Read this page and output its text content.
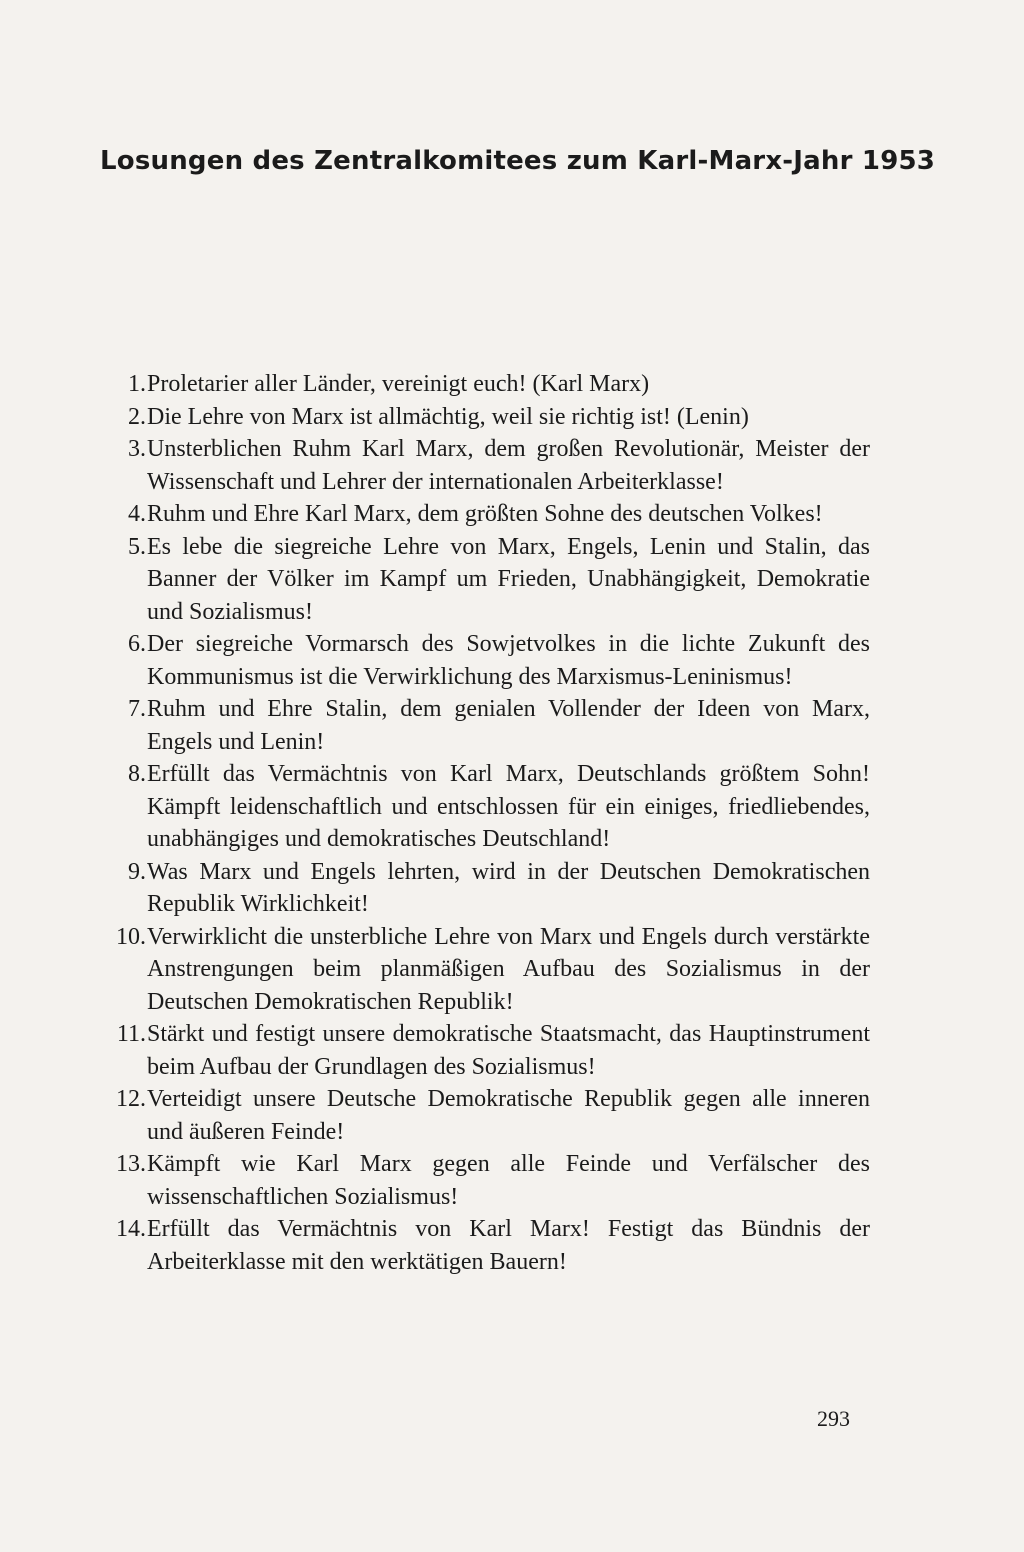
Losungen des Zentralkomitees zum Karl-Marx-Jahr 1953
1. Proletarier aller Länder, vereinigt euch! (Karl Marx)
2. Die Lehre von Marx ist allmächtig, weil sie richtig ist! (Lenin)
3. Unsterblichen Ruhm Karl Marx, dem großen Revolutionär, Meister der Wissenschaft und Lehrer der internationalen Arbeiterklasse!
4. Ruhm und Ehre Karl Marx, dem größten Sohne des deutschen Volkes!
5. Es lebe die siegreiche Lehre von Marx, Engels, Lenin und Stalin, das Banner der Völker im Kampf um Frieden, Unabhängigkeit, Demokratie und Sozialismus!
6. Der siegreiche Vormarsch des Sowjetvolkes in die lichte Zukunft des Kommunismus ist die Verwirklichung des Marxismus-Leninismus!
7. Ruhm und Ehre Stalin, dem genialen Vollender der Ideen von Marx, Engels und Lenin!
8. Erfüllt das Vermächtnis von Karl Marx, Deutschlands größtem Sohn! Kämpft leidenschaftlich und entschlossen für ein einiges, friedliebendes, unabhängiges und demokratisches Deutschland!
9. Was Marx und Engels lehrten, wird in der Deutschen Demokratischen Republik Wirklichkeit!
10. Verwirklicht die unsterbliche Lehre von Marx und Engels durch verstärkte Anstrengungen beim planmäßigen Aufbau des Sozialismus in der Deutschen Demokratischen Republik!
11. Stärkt und festigt unsere demokratische Staatsmacht, das Hauptinstrument beim Aufbau der Grundlagen des Sozialismus!
12. Verteidigt unsere Deutsche Demokratische Republik gegen alle inneren und äußeren Feinde!
13. Kämpft wie Karl Marx gegen alle Feinde und Verfälscher des wissenschaftlichen Sozialismus!
14. Erfüllt das Vermächtnis von Karl Marx! Festigt das Bündnis der Arbeiterklasse mit den werktätigen Bauern!
293
